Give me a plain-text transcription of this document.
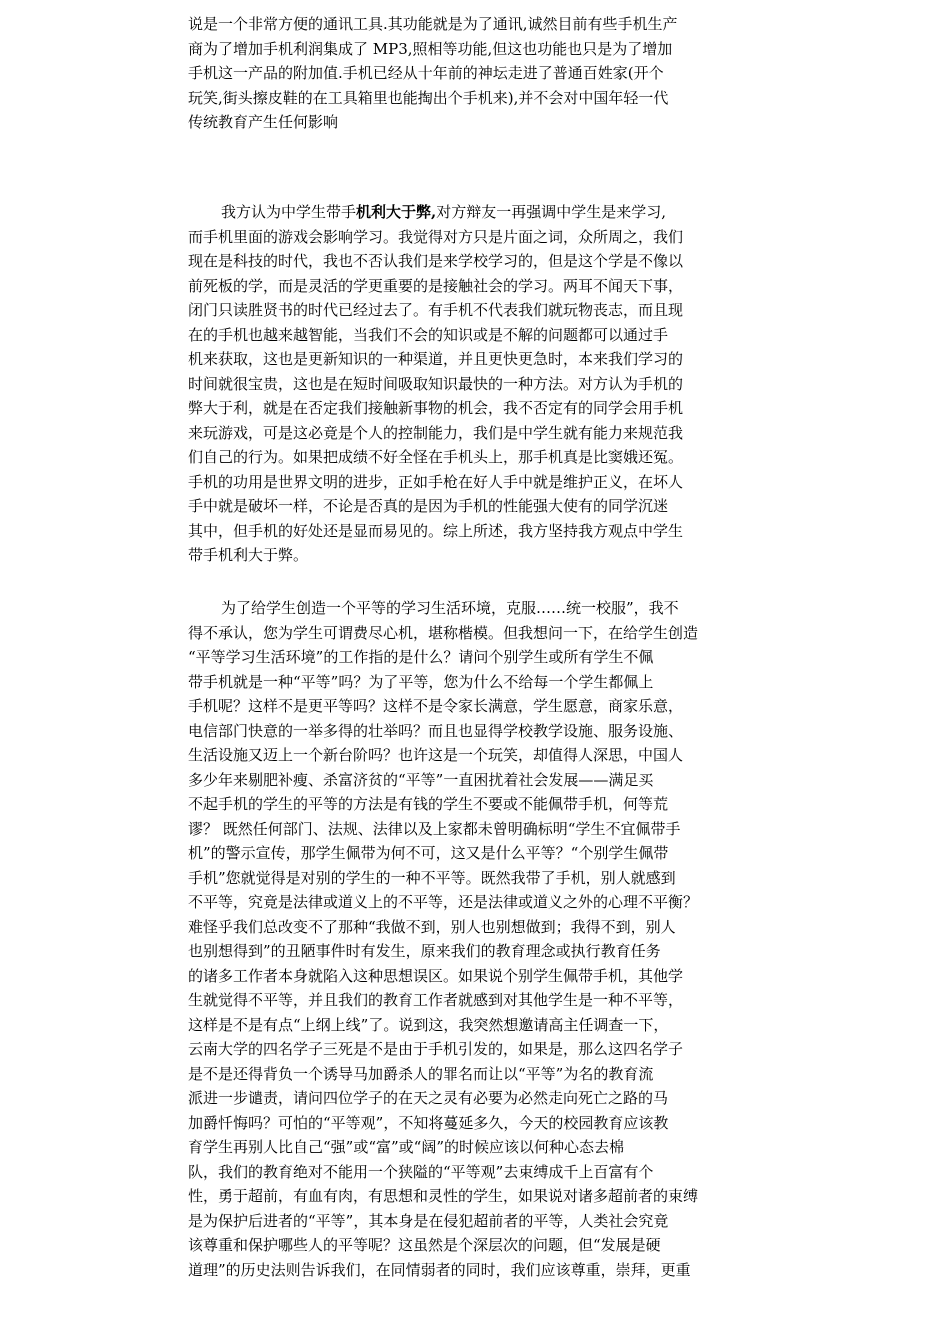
说是一个非常方便的通讯工具.其功能就是为了通讯,诚然目前有些手机生产
商为了增加手机利润集成了 MP3,照相等功能,但这也功能也只是为了增加
手机这一产品的附加值.手机已经从十年前的神坛走进了普通百姓家(开个
玩笑,街头擦皮鞋的在工具箱里也能掏出个手机来),并不会对中国年轻一代
传统教育产生任何影响
我方认为中学生带手机利大于弊,对方辩友一再强调中学生是来学习,
而手机里面的游戏会影响学习。我觉得对方只是片面之词，众所周之，我们
现在是科技的时代，我也不否认我们是来学校学习的，但是这个学是不像以
前死板的学，而是灵活的学更重要的是接触社会的学习。两耳不闻天下事，
闭门只读胜贤书的时代已经过去了。有手机不代表我们就玩物丧志，而且现
在的手机也越来越智能，当我们不会的知识或是不解的问题都可以通过手
机来获取，这也是更新知识的一种渠道，并且更快更急时，本来我们学习的
时间就很宝贵，这也是在短时间吸取知识最快的一种方法。对方认为手机的
弊大于利，就是在否定我们接触新事物的机会，我不否定有的同学会用手机
来玩游戏，可是这必竟是个人的控制能力，我们是中学生就有能力来规范我
们自己的行为。如果把成绩不好全怪在手机头上，那手机真是比窦娥还冤。
手机的功用是世界文明的进步，正如手枪在好人手中就是维护正义，在坏人
手中就是破坏一样，不论是否真的是因为手机的性能强大使有的同学沉迷
其中，但手机的好处还是显而易见的。综上所述，我方坚持我方观点中学生
带手机利大于弊。
为了给学生创造一个平等的学习生活环境，克服……统一校服”，我不
得不承认，您为学生可谓费尽心机，堪称楷模。但我想问一下，在给学生创造
“平等学习生活环境”的工作指的是什么？请问个别学生或所有学生不佩
带手机就是一种“平等”吗？为了平等，您为什么不给每一个学生都佩上
手机呢？这样不是更平等吗？这样不是令家长满意，学生愿意，商家乐意，
电信部门快意的一举多得的壮举吗？而且也显得学校教学设施、服务设施、
生活设施又迈上一个新台阶吗？也许这是一个玩笑，却值得人深思，中国人
多少年来剔肥补瘦、杀富济贫的“平等”一直困扰着社会发展——满足买
不起手机的学生的平等的方法是有钱的学生不要或不能佩带手机，何等荒
谬？ 既然任何部门、法规、法律以及上家都未曾明确标明“学生不宜佩带手
机”的警示宣传，那学生佩带为何不可，这又是什么平等？“个别学生佩带
手机”您就觉得是对别的学生的一种不平等。既然我带了手机，别人就感到
不平等，究竟是法律或道义上的不平等，还是法律或道义之外的心理不平衡？
难怪乎我们总改变不了那种“我做不到，别人也别想做到；我得不到，别人
也别想得到”的丑陋事件时有发生，原来我们的教育理念或执行教育任务
的诸多工作者本身就陷入这种思想误区。如果说个别学生佩带手机，其他学
生就觉得不平等，并且我们的教育工作者就感到对其他学生是一种不平等，
这样是不是有点“上纲上线”了。说到这，我突然想邀请高主任调查一下，
云南大学的四名学子三死是不是由于手机引发的，如果是，那么这四名学子
是不是还得背负一个诱导马加爵杀人的罪名而让以“平等”为名的教育流
派进一步谴责，请问四位学子的在天之灵有必要为必然走向死亡之路的马
加爵忏悔吗？可怕的“平等观”，不知将蔓延多久，今天的校园教育应该教
育学生再别人比自己“强”或“富”或“阔”的时候应该以何种心态去棉
队，我们的教育绝对不能用一个狭隘的“平等观”去束缚成千上百富有个
性，勇于超前，有血有肉，有思想和灵性的学生，如果说对诸多超前者的束缚
是为保护后进者的“平等”，其本身是在侵犯超前者的平等，人类社会究竟
该尊重和保护哪些人的平等呢？这虽然是个深层次的问题，但“发展是硬
道理”的历史法则告诉我们，在同情弱者的同时，我们应该尊重，崇拜，更重
